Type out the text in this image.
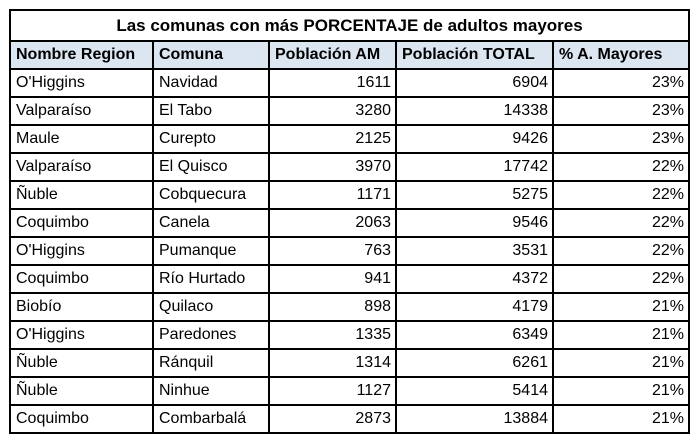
Las comunas con más PORCENTAJE de adultos mayores				
Nombre Region	Comuna	Población AM	Población TOTAL	% A. Mayores
O'Higgins	Navidad	1611	6904	23%
Valparaíso	El Tabo	3280	14338	23%
Maule	Curepto	2125	9426	23%
Valparaíso	El Quisco	3970	17742	22%
Ñuble	Cobquecura	1171	5275	22%
Coquimbo	Canela	2063	9546	22%
O'Higgins	Pumanque	763	3531	22%
Coquimbo	Río Hurtado	941	4372	22%
Biobío	Quilaco	898	4179	21%
O'Higgins	Paredones	1335	6349	21%
Ñuble	Ránquil	1314	6261	21%
Ñuble	Ninhue	1127	5414	21%
Coquimbo	Combarbalá	2873	13884	21%
